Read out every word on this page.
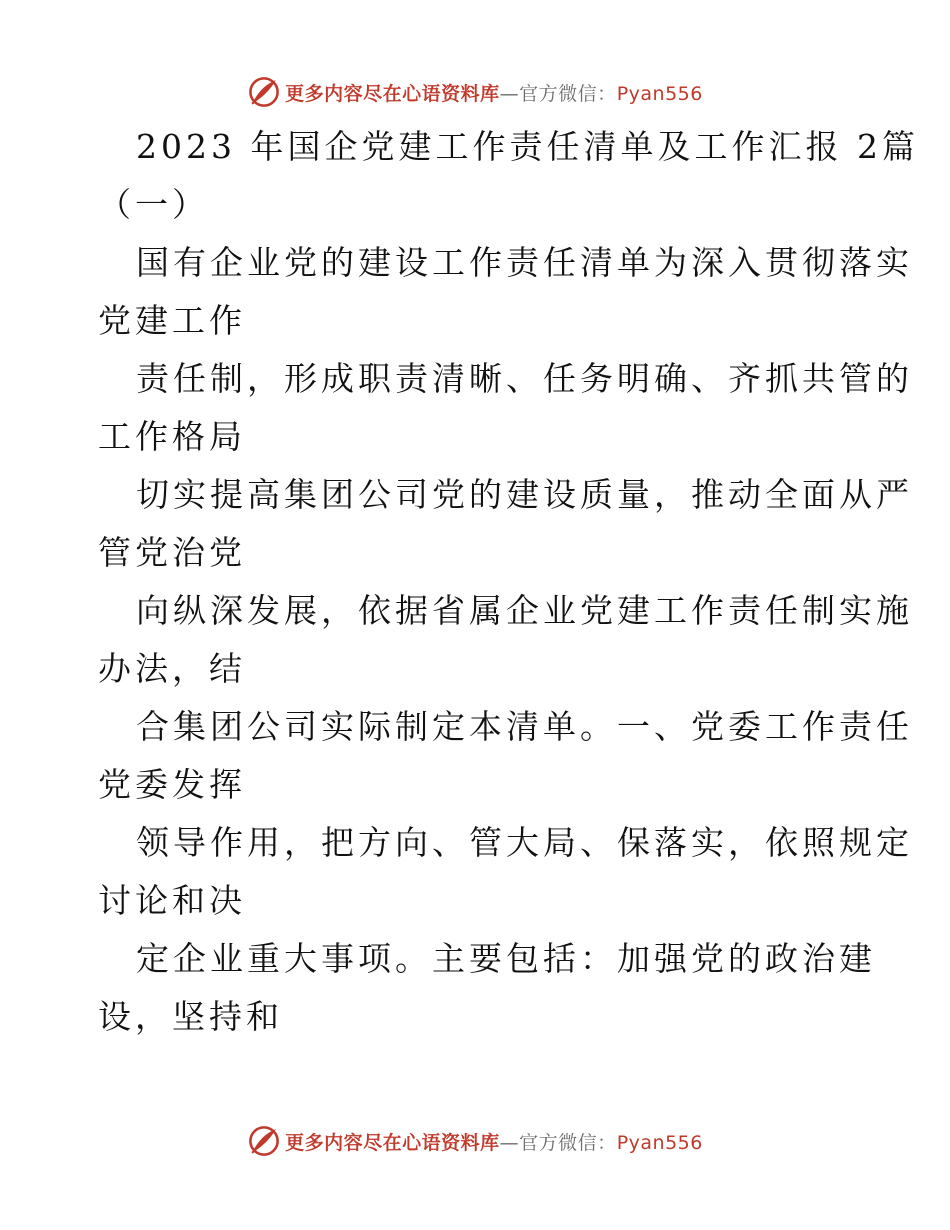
更多内容尽在心语资料库—官方微信：Pyan556
2023 年国企党建工作责任清单及工作汇报 2篇
（一）
国有企业党的建设工作责任清单为深入贯彻落实
党建工作
责任制，形成职责清晰、任务明确、齐抓共管的
工作格局
切实提高集团公司党的建设质量，推动全面从严
管党治党
向纵深发展，依据省属企业党建工作责任制实施
办法，结
合集团公司实际制定本清单。一、党委工作责任
党委发挥
领导作用，把方向、管大局、保落实，依照规定
讨论和决
定企业重大事项。主要包括：加强党的政治建
设，坚持和
更多内容尽在心语资料库—官方微信：Pyan556
